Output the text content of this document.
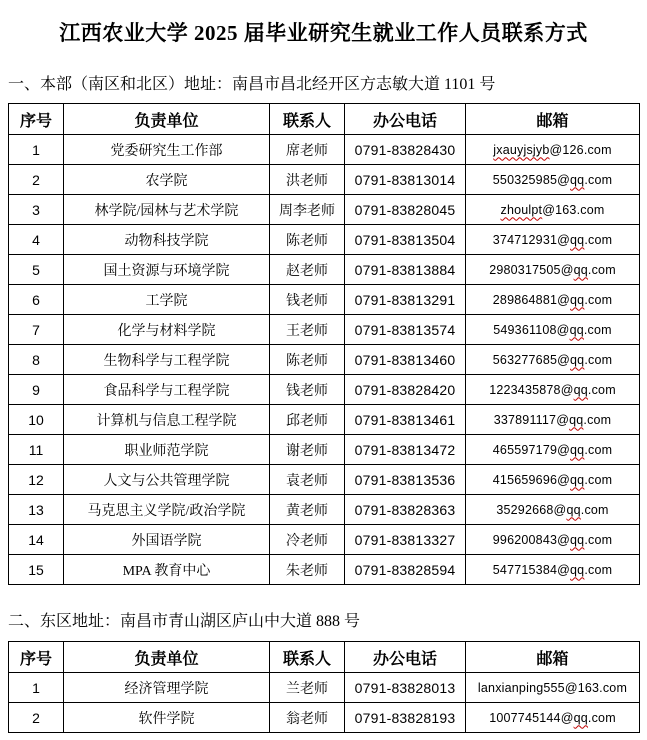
江西农业大学 2025 届毕业研究生就业工作人员联系方式

一、本部（南区和北区）地址：南昌市昌北经开区方志敏大道 1101 号

序号	负责单位	联系人	办公电话	邮箱
1	党委研究生工作部	席老师	0791-83828430	jxauyjsjyb@126.com
2	农学院	洪老师	0791-83813014	550325985@qq.com
3	林学院/园林与艺术学院	周李老师	0791-83828045	zhoulpt@163.com
4	动物科技学院	陈老师	0791-83813504	374712931@qq.com
5	国土资源与环境学院	赵老师	0791-83813884	2980317505@qq.com
6	工学院	钱老师	0791-83813291	289864881@qq.com
7	化学与材料学院	王老师	0791-83813574	549361108@qq.com
8	生物科学与工程学院	陈老师	0791-83813460	563277685@qq.com
9	食品科学与工程学院	钱老师	0791-83828420	1223435878@qq.com
10	计算机与信息工程学院	邱老师	0791-83813461	337891117@qq.com
11	职业师范学院	谢老师	0791-83813472	465597179@qq.com
12	人文与公共管理学院	袁老师	0791-83813536	415659696@qq.com
13	马克思主义学院/政治学院	黄老师	0791-83828363	35292668@qq.com
14	外国语学院	冷老师	0791-83813327	996200843@qq.com
15	MPA 教育中心	朱老师	0791-83828594	547715384@qq.com

二、东区地址：南昌市青山湖区庐山中大道 888 号

序号	负责单位	联系人	办公电话	邮箱
1	经济管理学院	兰老师	0791-83828013	lanxianping555@163.com
2	软件学院	翁老师	0791-83828193	1007745144@qq.com
